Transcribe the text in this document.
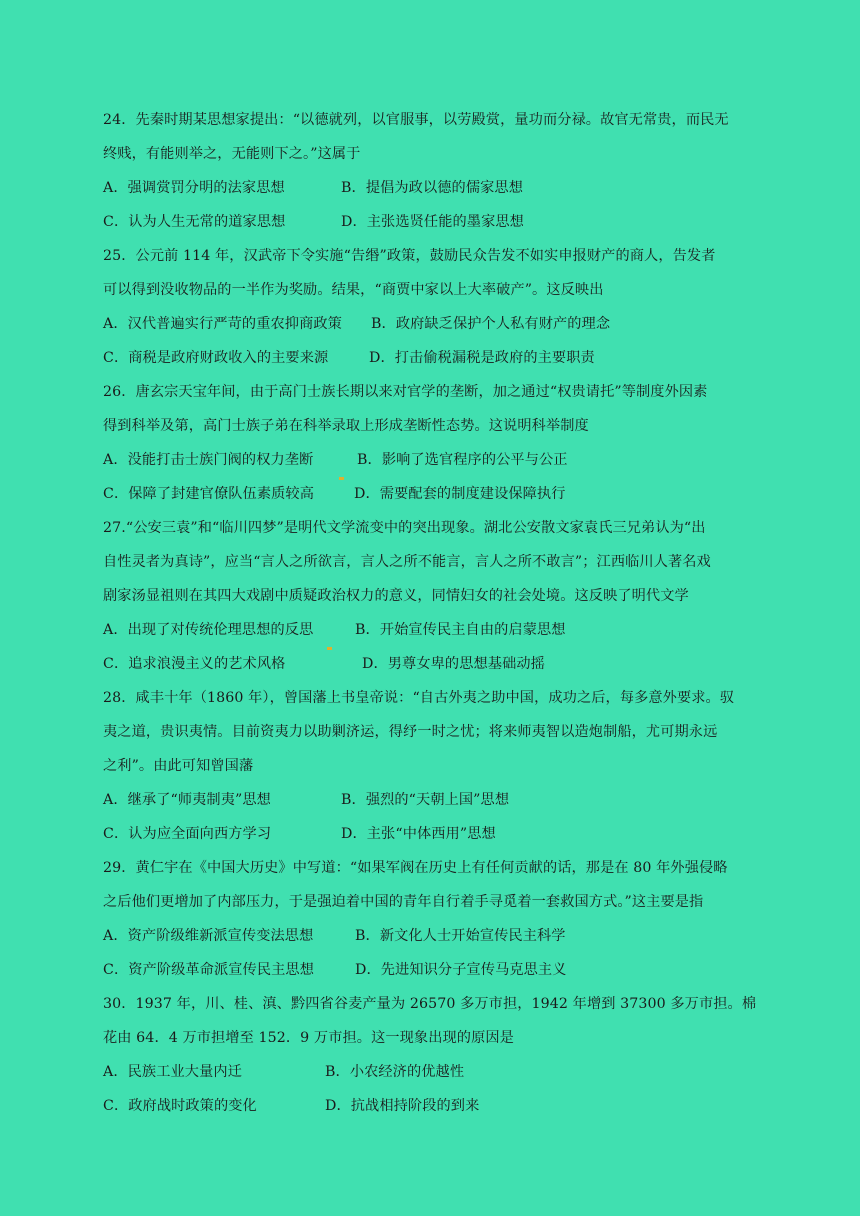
24．先秦时期某思想家提出：“以德就列，以官服事，以劳殿赏，量功而分禄。故官无常贵，而民无
终贱，有能则举之，无能则下之。”这属于
A．强调赏罚分明的法家思想	B．提倡为政以德的儒家思想
C．认为人生无常的道家思想	D．主张选贤任能的墨家思想
25．公元前 114 年，汉武帝下令实施“告缗”政策，鼓励民众告发不如实申报财产的商人，告发者
可以得到没收物品的一半作为奖励。结果，“商贾中家以上大率破产”。这反映出
A．汉代普遍实行严苛的重农抑商政策	B．政府缺乏保护个人私有财产的理念
C．商税是政府财政收入的主要来源	D．打击偷税漏税是政府的主要职责
26．唐玄宗天宝年间，由于高门士族长期以来对官学的垄断，加之通过“权贵请托”等制度外因素
得到科举及第，高门士族子弟在科举录取上形成垄断性态势。这说明科举制度
A．没能打击士族门阀的权力垄断	B．影响了选官程序的公平与公正
C．保障了封建官僚队伍素质较高	D．需要配套的制度建设保障执行
27.“公安三袁”和“临川四梦”是明代文学流变中的突出现象。湖北公安散文家袁氏三兄弟认为“出
自性灵者为真诗”，应当“言人之所欲言，言人之所不能言，言人之所不敢言”；江西临川人著名戏
剧家汤显祖则在其四大戏剧中质疑政治权力的意义，同情妇女的社会处境。这反映了明代文学
A．出现了对传统伦理思想的反思	B．开始宣传民主自由的启蒙思想
C．追求浪漫主义的艺术风格	D．男尊女卑的思想基础动摇
28．咸丰十年（1860 年），曾国藩上书皇帝说：“自古外夷之助中国，成功之后，每多意外要求。驭
夷之道，贵识夷情。目前资夷力以助剿济运，得纾一时之忧；将来师夷智以造炮制船，尤可期永远
之利”。由此可知曾国藩
A．继承了“师夷制夷”思想	B．强烈的“天朝上国”思想
C．认为应全面向西方学习	D．主张“中体西用”思想
29．黄仁宇在《中国大历史》中写道：“如果军阀在历史上有任何贡献的话，那是在 80 年外强侵略
之后他们更增加了内部压力，于是强迫着中国的青年自行着手寻觅着一套救国方式。”这主要是指
A．资产阶级维新派宣传变法思想	B．新文化人士开始宣传民主科学
C．资产阶级革命派宣传民主思想	D．先进知识分子宣传马克思主义
30．1937 年，川、桂、滇、黔四省谷麦产量为 26570 多万市担，1942 年增到 37300 多万市担。棉
花由 64．4 万市担增至 152．9 万市担。这一现象出现的原因是
A．民族工业大量内迁	B．小农经济的优越性
C．政府战时政策的变化	D．抗战相持阶段的到来
